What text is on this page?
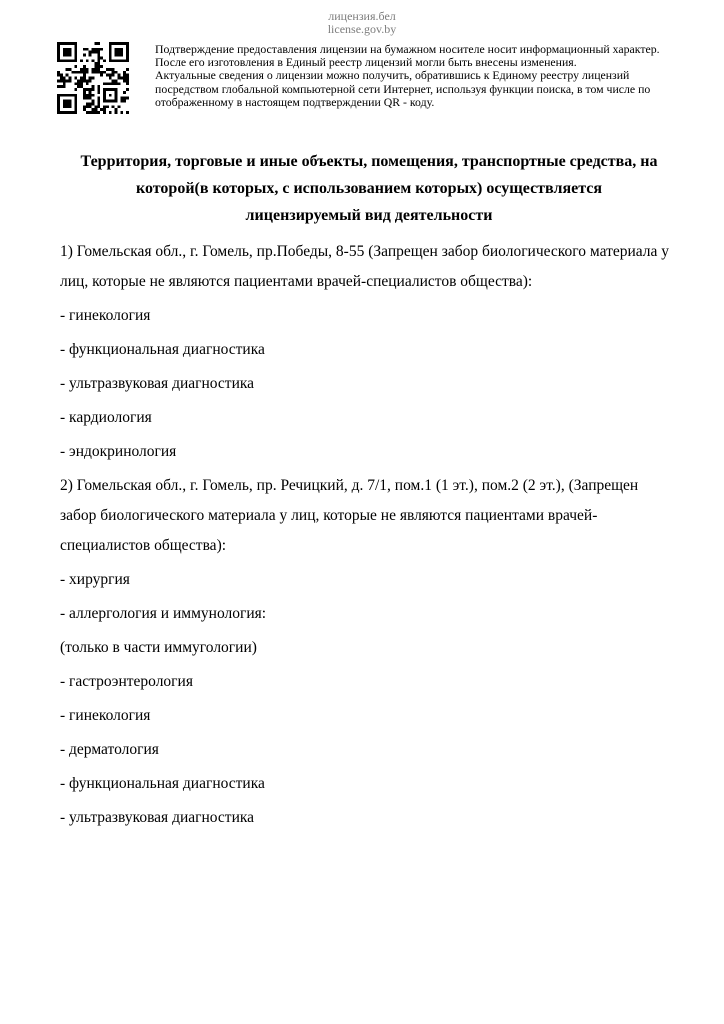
лицензия.бел
license.gov.by
Подтверждение предоставления лицензии на бумажном носителе носит информационный характер.
После его изготовления в Единый реестр лицензий могли быть внесены изменения.
Актуальные сведения о лицензии можно получить, обратившись к Единому реестру лицензий
посредством глобальной компьютерной сети Интернет, используя функции поиска, в том числе по
отображенному в настоящем подтверждении QR - коду.
Территория, торговые и иные объекты, помещения, транспортные средства, на
которой(в которых, с использованием которых) осуществляется
лицензируемый вид деятельности

1) Гомельская обл., г. Гомель, пр.Победы, 8-55 (Запрещен забор биологического материала у лиц, которые не являются пациентами врачей-специалистов общества):

- гинекология

- функциональная диагностика

- ультразвуковая диагностика

- кардиология

- эндокринология

2) Гомельская обл., г. Гомель, пр. Речицкий, д. 7/1, пом.1 (1 эт.), пом.2 (2 эт.), (Запрещен забор биологического материала у лиц, которые не являются пациентами врачей-специалистов общества):

- хирургия

- аллергология и иммунология:

(только в части иммугологии)

- гастроэнтерология

- гинекология

- дерматология

- функциональная диагностика

- ультразвуковая диагностика
